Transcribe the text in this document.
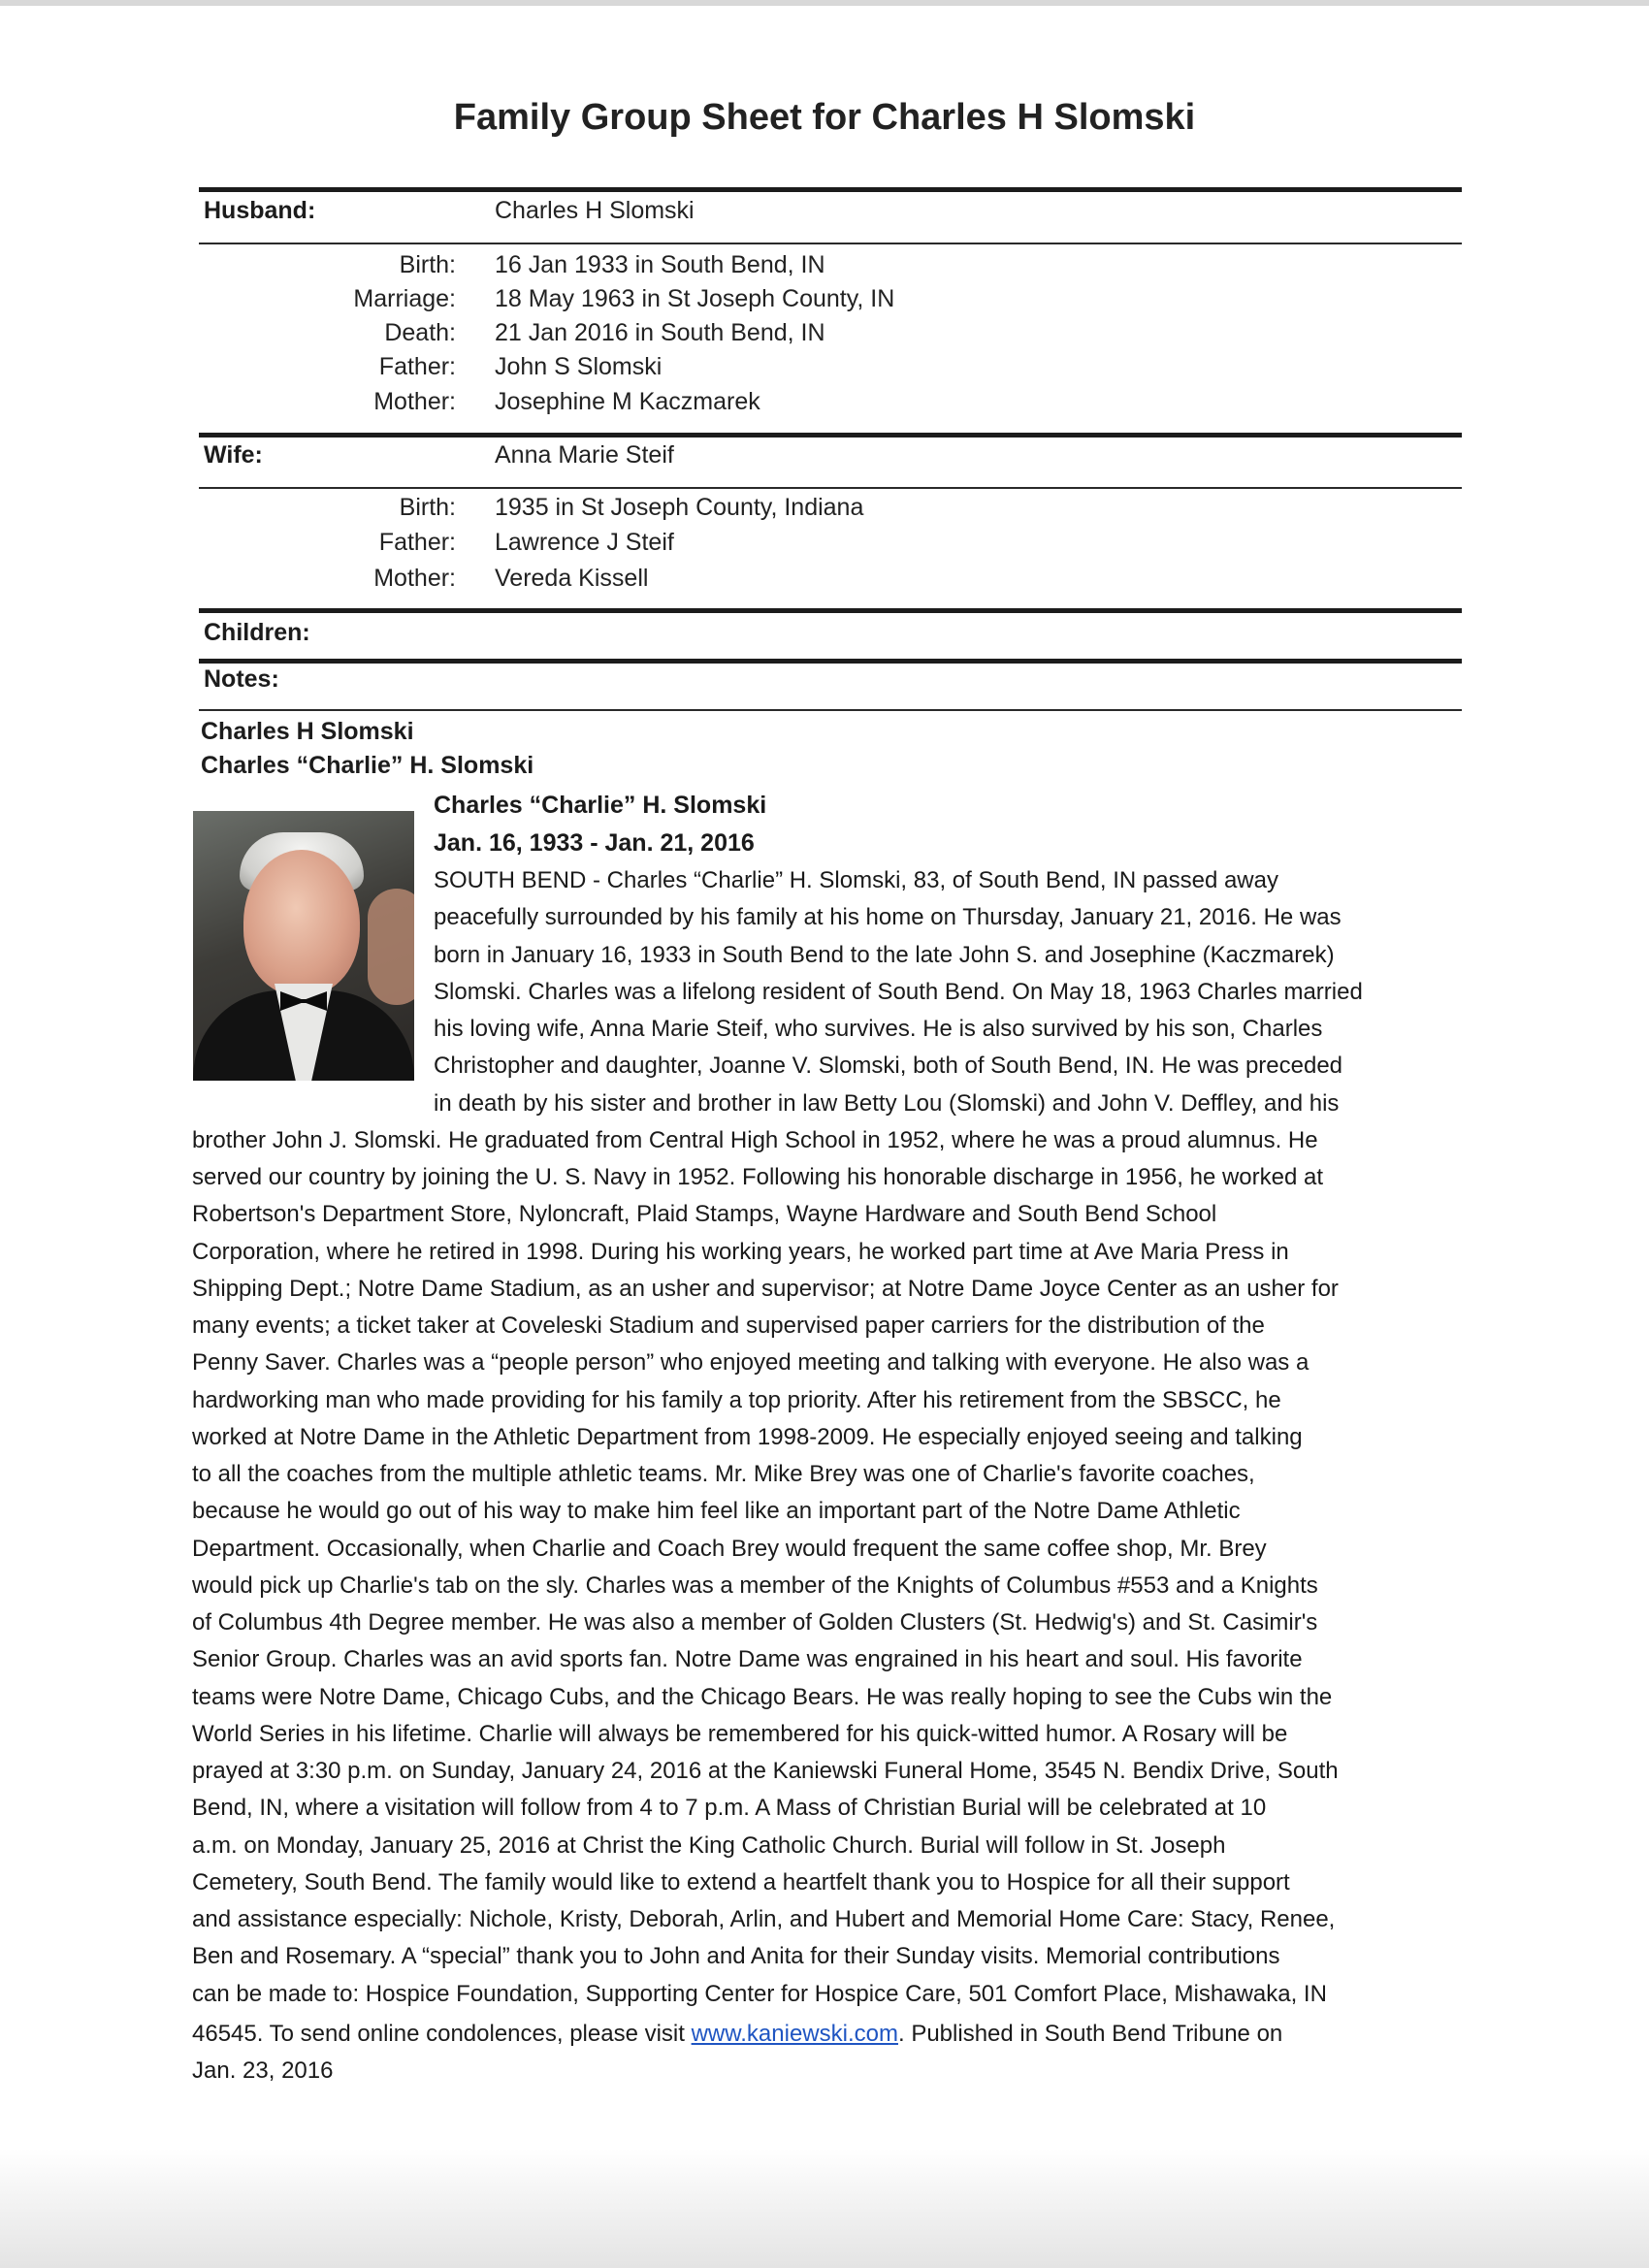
Family Group Sheet for Charles H Slomski
Husband:	Charles H Slomski
Birth: 16 Jan 1933 in South Bend, IN
Marriage: 18 May 1963 in St Joseph County, IN
Death: 21 Jan 2016 in South Bend, IN
Father: John S Slomski
Mother: Josephine M Kaczmarek
Wife:	Anna Marie Steif
Birth: 1935 in St Joseph County, Indiana
Father: Lawrence J Steif
Mother: Vereda Kissell
Children:
Notes:
Charles H Slomski
Charles “Charlie” H. Slomski
Charles “Charlie” H. Slomski
Jan. 16, 1933 - Jan. 21, 2016
SOUTH BEND - Charles “Charlie” H. Slomski, 83, of South Bend, IN passed away
peacefully surrounded by his family at his home on Thursday, January 21, 2016. He was
born in January 16, 1933 in South Bend to the late John S. and Josephine (Kaczmarek)
Slomski. Charles was a lifelong resident of South Bend. On May 18, 1963 Charles married
his loving wife, Anna Marie Steif, who survives. He is also survived by his son, Charles
Christopher and daughter, Joanne V. Slomski, both of South Bend, IN. He was preceded
in death by his sister and brother in law Betty Lou (Slomski) and John V. Deffley, and his
brother John J. Slomski. He graduated from Central High School in 1952, where he was a proud alumnus. He
served our country by joining the U. S. Navy in 1952. Following his honorable discharge in 1956, he worked at
Robertson's Department Store, Nyloncraft, Plaid Stamps, Wayne Hardware and South Bend School
Corporation, where he retired in 1998. During his working years, he worked part time at Ave Maria Press in
Shipping Dept.; Notre Dame Stadium, as an usher and supervisor; at Notre Dame Joyce Center as an usher for
many events; a ticket taker at Coveleski Stadium and supervised paper carriers for the distribution of the
Penny Saver. Charles was a “people person” who enjoyed meeting and talking with everyone. He also was a
hardworking man who made providing for his family a top priority. After his retirement from the SBSCC, he
worked at Notre Dame in the Athletic Department from 1998-2009. He especially enjoyed seeing and talking
to all the coaches from the multiple athletic teams. Mr. Mike Brey was one of Charlie's favorite coaches,
because he would go out of his way to make him feel like an important part of the Notre Dame Athletic
Department. Occasionally, when Charlie and Coach Brey would frequent the same coffee shop, Mr. Brey
would pick up Charlie's tab on the sly. Charles was a member of the Knights of Columbus #553 and a Knights
of Columbus 4th Degree member. He was also a member of Golden Clusters (St. Hedwig's) and St. Casimir's
Senior Group. Charles was an avid sports fan. Notre Dame was engrained in his heart and soul. His favorite
teams were Notre Dame, Chicago Cubs, and the Chicago Bears. He was really hoping to see the Cubs win the
World Series in his lifetime. Charlie will always be remembered for his quick-witted humor. A Rosary will be
prayed at 3:30 p.m. on Sunday, January 24, 2016 at the Kaniewski Funeral Home, 3545 N. Bendix Drive, South
Bend, IN, where a visitation will follow from 4 to 7 p.m. A Mass of Christian Burial will be celebrated at 10
a.m. on Monday, January 25, 2016 at Christ the King Catholic Church. Burial will follow in St. Joseph
Cemetery, South Bend. The family would like to extend a heartfelt thank you to Hospice for all their support
and assistance especially: Nichole, Kristy, Deborah, Arlin, and Hubert and Memorial Home Care: Stacy, Renee,
Ben and Rosemary. A “special” thank you to John and Anita for their Sunday visits. Memorial contributions
can be made to: Hospice Foundation, Supporting Center for Hospice Care, 501 Comfort Place, Mishawaka, IN
46545. To send online condolences, please visit www.kaniewski.com. Published in South Bend Tribune on
Jan. 23, 2016
